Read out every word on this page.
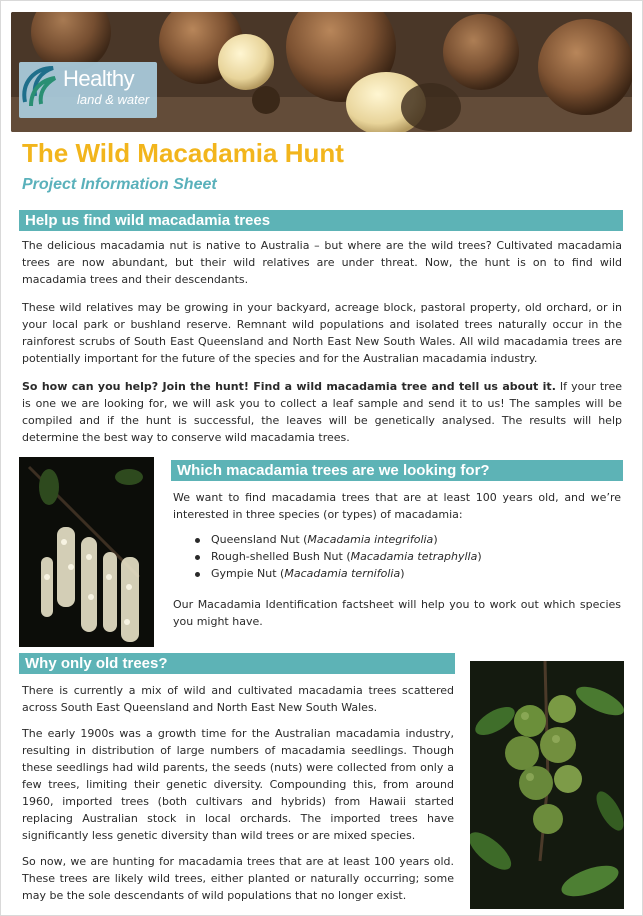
Healthy
land & water
The Wild Macadamia Hunt
Project Information Sheet
Help us find wild macadamia trees

The delicious macadamia nut is native to Australia – but where are the wild trees? Cultivated macadamia trees are now abundant, but their wild relatives are under threat. Now, the hunt is on to find wild macadamia trees and their descendants.

These wild relatives may be growing in your backyard, acreage block, pastoral property, old orchard, or in your local park or bushland reserve. Remnant wild populations and isolated trees naturally occur in the rainforest scrubs of South East Queensland and North East New South Wales. All wild macadamia trees are potentially important for the future of the species and for the Australian macadamia industry.

So how can you help? Join the hunt! Find a wild macadamia tree and tell us about it. If your tree is one we are looking for, we will ask you to collect a leaf sample and send it to us! The samples will be compiled and if the hunt is successful, the leaves will be genetically analysed. The results will help determine the best way to conserve wild macadamia trees.

Which macadamia trees are we looking for?

We want to find macadamia trees that are at least 100 years old, and we’re interested in three species (or types) of macadamia:

Queensland Nut (Macadamia integrifolia)
Rough-shelled Bush Nut (Macadamia tetraphylla)
Gympie Nut (Macadamia ternifolia)

Our Macadamia Identification factsheet will help you to work out which species you might have.

Why only old trees?

There is currently a mix of wild and cultivated macadamia trees scattered across South East Queensland and North East New South Wales.

The early 1900s was a growth time for the Australian macadamia industry, resulting in distribution of large numbers of macadamia seedlings. Though these seedlings had wild parents, the seeds (nuts) were collected from only a few trees, limiting their genetic diversity. Compounding this, from around 1960, imported trees (both cultivars and hybrids) from Hawaii started replacing Australian stock in local orchards. The imported trees have significantly less genetic diversity than wild trees or are mixed species.

So now, we are hunting for macadamia trees that are at least 100 years old. These trees are likely wild trees, either planted or naturally occurring; some may be the sole descendants of wild populations that no longer exist.
